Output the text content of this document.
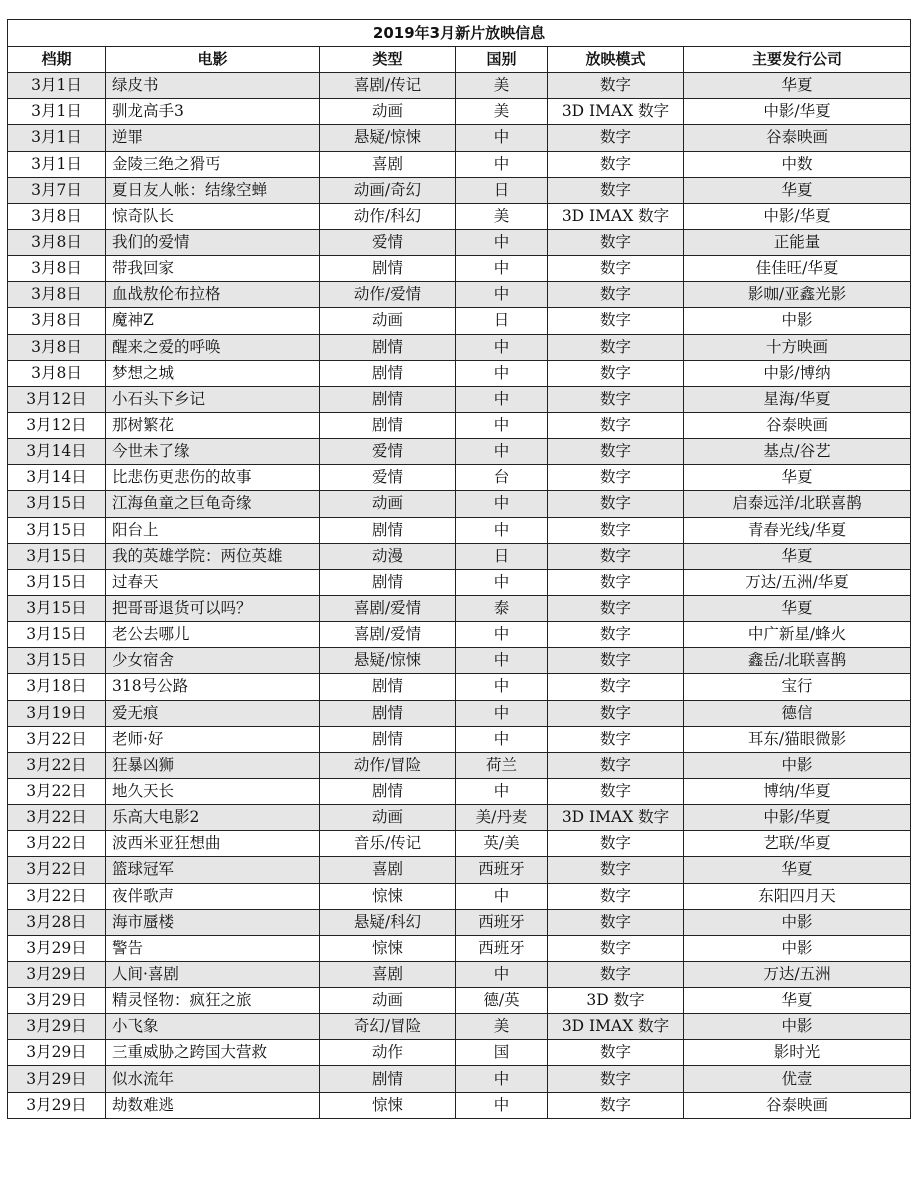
2019年3月新片放映信息					
档期	电影	类型	国别	放映模式	主要发行公司
3月1日	绿皮书	喜剧/传记	美	数字	华夏
3月1日	驯龙高手3	动画	美	3D IMAX 数字	中影/华夏
3月1日	逆罪	悬疑/惊悚	中	数字	谷泰映画
3月1日	金陵三绝之猾丐	喜剧	中	数字	中数
3月7日	夏日友人帐：结缘空蝉	动画/奇幻	日	数字	华夏
3月8日	惊奇队长	动作/科幻	美	3D IMAX 数字	中影/华夏
3月8日	我们的爱情	爱情	中	数字	正能量
3月8日	带我回家	剧情	中	数字	佳佳旺/华夏
3月8日	血战敖伦布拉格	动作/爱情	中	数字	影咖/亚鑫光影
3月8日	魔神Z	动画	日	数字	中影
3月8日	醒来之爱的呼唤	剧情	中	数字	十方映画
3月8日	梦想之城	剧情	中	数字	中影/博纳
3月12日	小石头下乡记	剧情	中	数字	星海/华夏
3月12日	那树繁花	剧情	中	数字	谷泰映画
3月14日	今世未了缘	爱情	中	数字	基点/谷艺
3月14日	比悲伤更悲伤的故事	爱情	台	数字	华夏
3月15日	江海鱼童之巨龟奇缘	动画	中	数字	启泰远洋/北联喜鹊
3月15日	阳台上	剧情	中	数字	青春光线/华夏
3月15日	我的英雄学院：两位英雄	动漫	日	数字	华夏
3月15日	过春天	剧情	中	数字	万达/五洲/华夏
3月15日	把哥哥退货可以吗？	喜剧/爱情	泰	数字	华夏
3月15日	老公去哪儿	喜剧/爱情	中	数字	中广新星/蜂火
3月15日	少女宿舍	悬疑/惊悚	中	数字	鑫岳/北联喜鹊
3月18日	318号公路	剧情	中	数字	宝行
3月19日	爱无痕	剧情	中	数字	德信
3月22日	老师·好	剧情	中	数字	耳东/猫眼微影
3月22日	狂暴凶狮	动作/冒险	荷兰	数字	中影
3月22日	地久天长	剧情	中	数字	博纳/华夏
3月22日	乐高大电影2	动画	美/丹麦	3D IMAX 数字	中影/华夏
3月22日	波西米亚狂想曲	音乐/传记	英/美	数字	艺联/华夏
3月22日	篮球冠军	喜剧	西班牙	数字	华夏
3月22日	夜伴歌声	惊悚	中	数字	东阳四月天
3月28日	海市蜃楼	悬疑/科幻	西班牙	数字	中影
3月29日	警告	惊悚	西班牙	数字	中影
3月29日	人间·喜剧	喜剧	中	数字	万达/五洲
3月29日	精灵怪物：疯狂之旅	动画	德/英	3D 数字	华夏
3月29日	小飞象	奇幻/冒险	美	3D IMAX 数字	中影
3月29日	三重威胁之跨国大营救	动作	国	数字	影时光
3月29日	似水流年	剧情	中	数字	优壹
3月29日	劫数难逃	惊悚	中	数字	谷泰映画
